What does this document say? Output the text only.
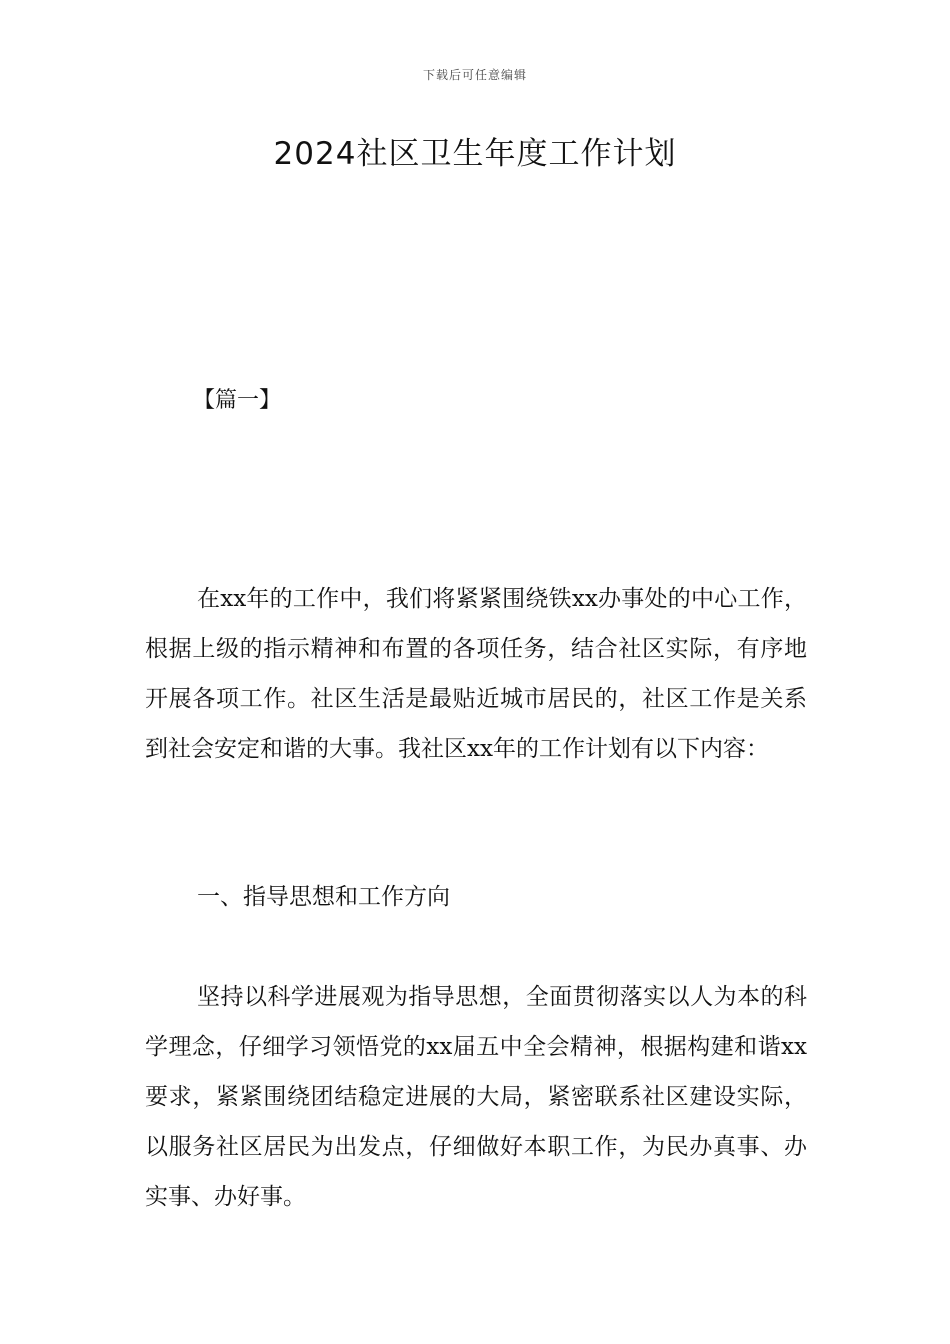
下载后可任意编辑
2024社区卫生年度工作计划
【篇一】

在xx年的工作中，我们将紧紧围绕铁xx办事处的中心工作，根据上级的指示精神和布置的各项任务，结合社区实际，有序地开展各项工作。社区生活是最贴近城市居民的，社区工作是关系到社会安定和谐的大事。我社区xx年的工作计划有以下内容：

一、指导思想和工作方向

坚持以科学进展观为指导思想，全面贯彻落实以人为本的科学理念，仔细学习领悟党的xx届五中全会精神，根据构建和谐xx要求，紧紧围绕团结稳定进展的大局，紧密联系社区建设实际，以服务社区居民为出发点，仔细做好本职工作，为民办真事、办实事、办好事。
